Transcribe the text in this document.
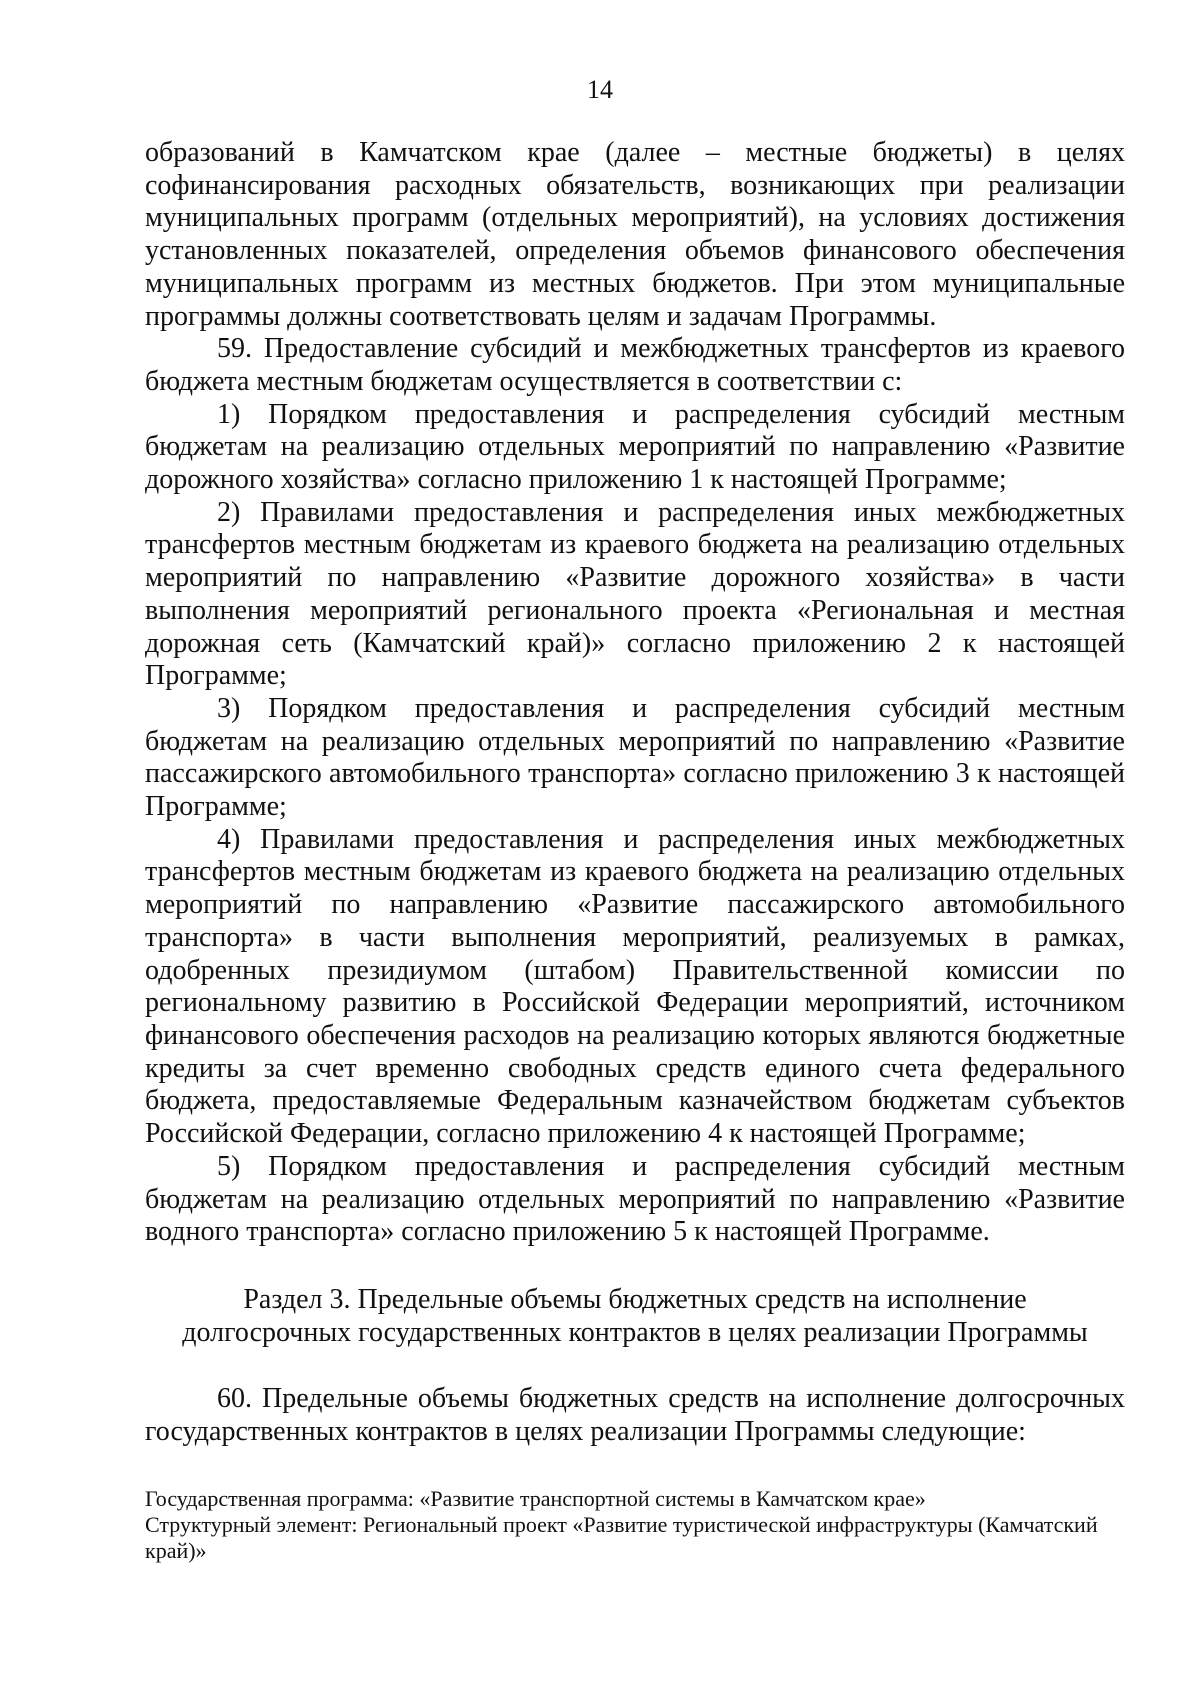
14

образований в Камчатском крае (далее – местные бюджеты) в целях софинансирования расходных обязательств, возникающих при реализации муниципальных программ (отдельных мероприятий), на условиях достижения установленных показателей, определения объемов финансового обеспечения муниципальных программ из местных бюджетов. При этом муниципальные программы должны соответствовать целям и задачам Программы.

59. Предоставление субсидий и межбюджетных трансфертов из краевого бюджета местным бюджетам осуществляется в соответствии с:

1) Порядком предоставления и распределения субсидий местным бюджетам на реализацию отдельных мероприятий по направлению «Развитие дорожного хозяйства» согласно приложению 1 к настоящей Программе;

2) Правилами предоставления и распределения иных межбюджетных трансфертов местным бюджетам из краевого бюджета на реализацию отдельных мероприятий по направлению «Развитие дорожного хозяйства» в части выполнения мероприятий регионального проекта «Региональная и местная дорожная сеть (Камчатский край)» согласно приложению 2 к настоящей Программе;

3) Порядком предоставления и распределения субсидий местным бюджетам на реализацию отдельных мероприятий по направлению «Развитие пассажирского автомобильного транспорта» согласно приложению 3 к настоящей Программе;

4) Правилами предоставления и распределения иных межбюджетных трансфертов местным бюджетам из краевого бюджета на реализацию отдельных мероприятий по направлению «Развитие пассажирского автомобильного транспорта» в части выполнения мероприятий, реализуемых в рамках, одобренных президиумом (штабом) Правительственной комиссии по региональному развитию в Российской Федерации мероприятий, источником финансового обеспечения расходов на реализацию которых являются бюджетные кредиты за счет временно свободных средств единого счета федерального бюджета, предоставляемые Федеральным казначейством бюджетам субъектов Российской Федерации, согласно приложению 4 к настоящей Программе;

5) Порядком предоставления и распределения субсидий местным бюджетам на реализацию отдельных мероприятий по направлению «Развитие водного транспорта» согласно приложению 5 к настоящей Программе.

Раздел 3. Предельные объемы бюджетных средств на исполнение

долгосрочных государственных контрактов в целях реализации Программы

60. Предельные объемы бюджетных средств на исполнение долгосрочных государственных контрактов в целях реализации Программы следующие:

Государственная программа: «Развитие транспортной системы в Камчатском крае»

Структурный элемент: Региональный проект «Развитие туристической инфраструктуры (Камчатский край)»
